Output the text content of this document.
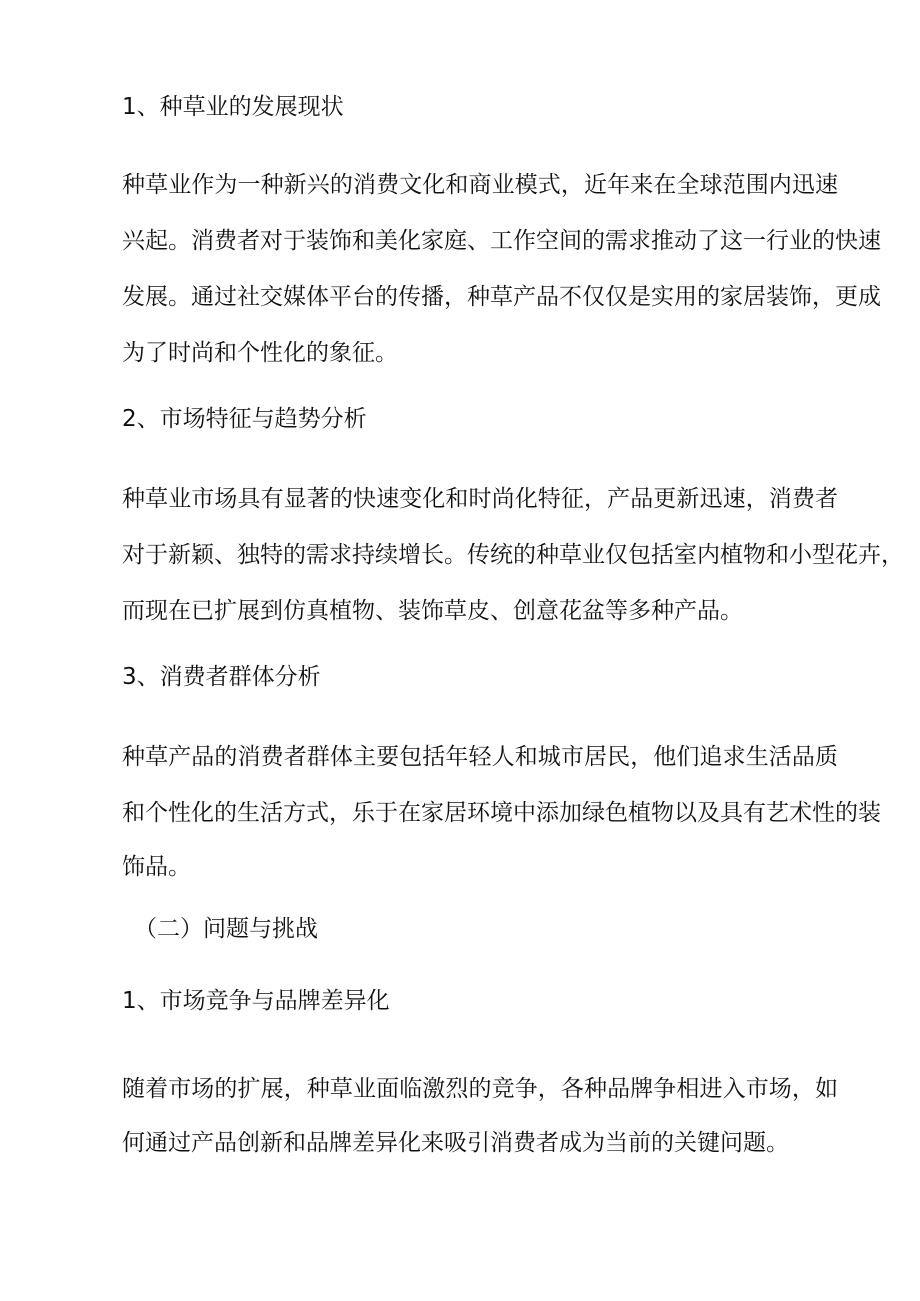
1、种草业的发展现状
种草业作为一种新兴的消费文化和商业模式，近年来在全球范围内迅速
兴起。消费者对于装饰和美化家庭、工作空间的需求推动了这一行业的快速
发展。通过社交媒体平台的传播，种草产品不仅仅是实用的家居装饰，更成
为了时尚和个性化的象征。
2、市场特征与趋势分析
种草业市场具有显著的快速变化和时尚化特征，产品更新迅速，消费者
对于新颖、独特的需求持续增长。传统的种草业仅包括室内植物和小型花卉，
而现在已扩展到仿真植物、装饰草皮、创意花盆等多种产品。
3、消费者群体分析
种草产品的消费者群体主要包括年轻人和城市居民，他们追求生活品质
和个性化的生活方式，乐于在家居环境中添加绿色植物以及具有艺术性的装
饰品。
（二）问题与挑战
1、市场竞争与品牌差异化
随着市场的扩展，种草业面临激烈的竞争，各种品牌争相进入市场，如
何通过产品创新和品牌差异化来吸引消费者成为当前的关键问题。
